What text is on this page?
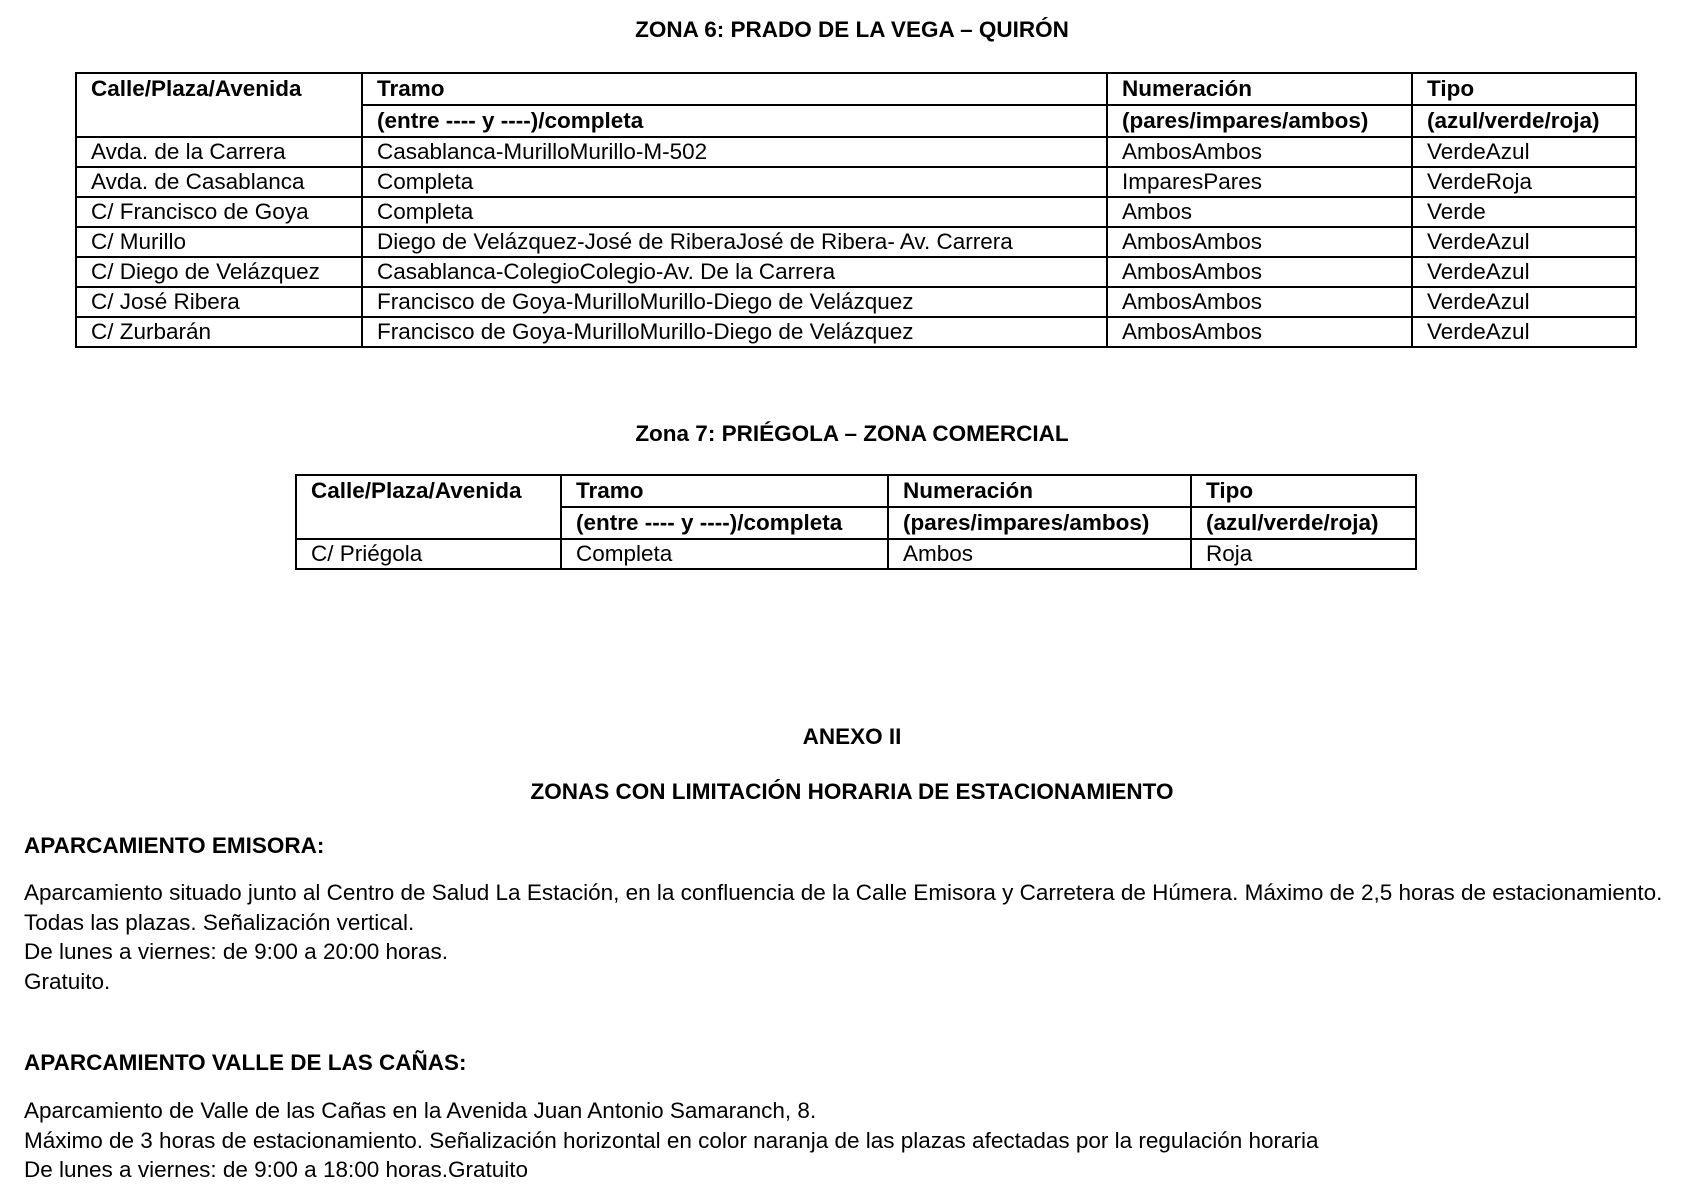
ZONA 6: PRADO DE LA VEGA – QUIRÓN
Calle/Plaza/Avenida	Tramo	Numeración	Tipo
	(entre ---- y ----)/completa	(pares/impares/ambos)	(azul/verde/roja)
Avda. de la Carrera	Casablanca-MurilloMurillo-M-502	AmbosAmbos	VerdeAzul
Avda. de Casablanca	Completa	ImparesPares	VerdeRoja
C/ Francisco de Goya	Completa	Ambos	Verde
C/ Murillo	Diego de Velázquez-José de RiberaJosé de Ribera- Av. Carrera	AmbosAmbos	VerdeAzul
C/ Diego de Velázquez	Casablanca-ColegioColegio-Av. De la Carrera	AmbosAmbos	VerdeAzul
C/ José Ribera	Francisco de Goya-MurilloMurillo-Diego de Velázquez	AmbosAmbos	VerdeAzul
C/ Zurbarán	Francisco de Goya-MurilloMurillo-Diego de Velázquez	AmbosAmbos	VerdeAzul
Zona 7: PRIÉGOLA – ZONA COMERCIAL
Calle/Plaza/Avenida	Tramo	Numeración	Tipo
	(entre ---- y ----)/completa	(pares/impares/ambos)	(azul/verde/roja)
C/ Priégola	Completa	Ambos	Roja
ANEXO II
ZONAS CON LIMITACIÓN HORARIA DE ESTACIONAMIENTO
APARCAMIENTO EMISORA:
Aparcamiento situado junto al Centro de Salud La Estación, en la confluencia de la Calle Emisora y Carretera de Húmera. Máximo de 2,5 horas de estacionamiento.
Todas las plazas. Señalización vertical.
De lunes a viernes: de 9:00 a 20:00 horas.
Gratuito.
APARCAMIENTO VALLE DE LAS CAÑAS:
Aparcamiento de Valle de las Cañas en la Avenida Juan Antonio Samaranch, 8.
Máximo de 3 horas de estacionamiento. Señalización horizontal en color naranja de las plazas afectadas por la regulación horaria
De lunes a viernes: de 9:00 a 18:00 horas.Gratuito
